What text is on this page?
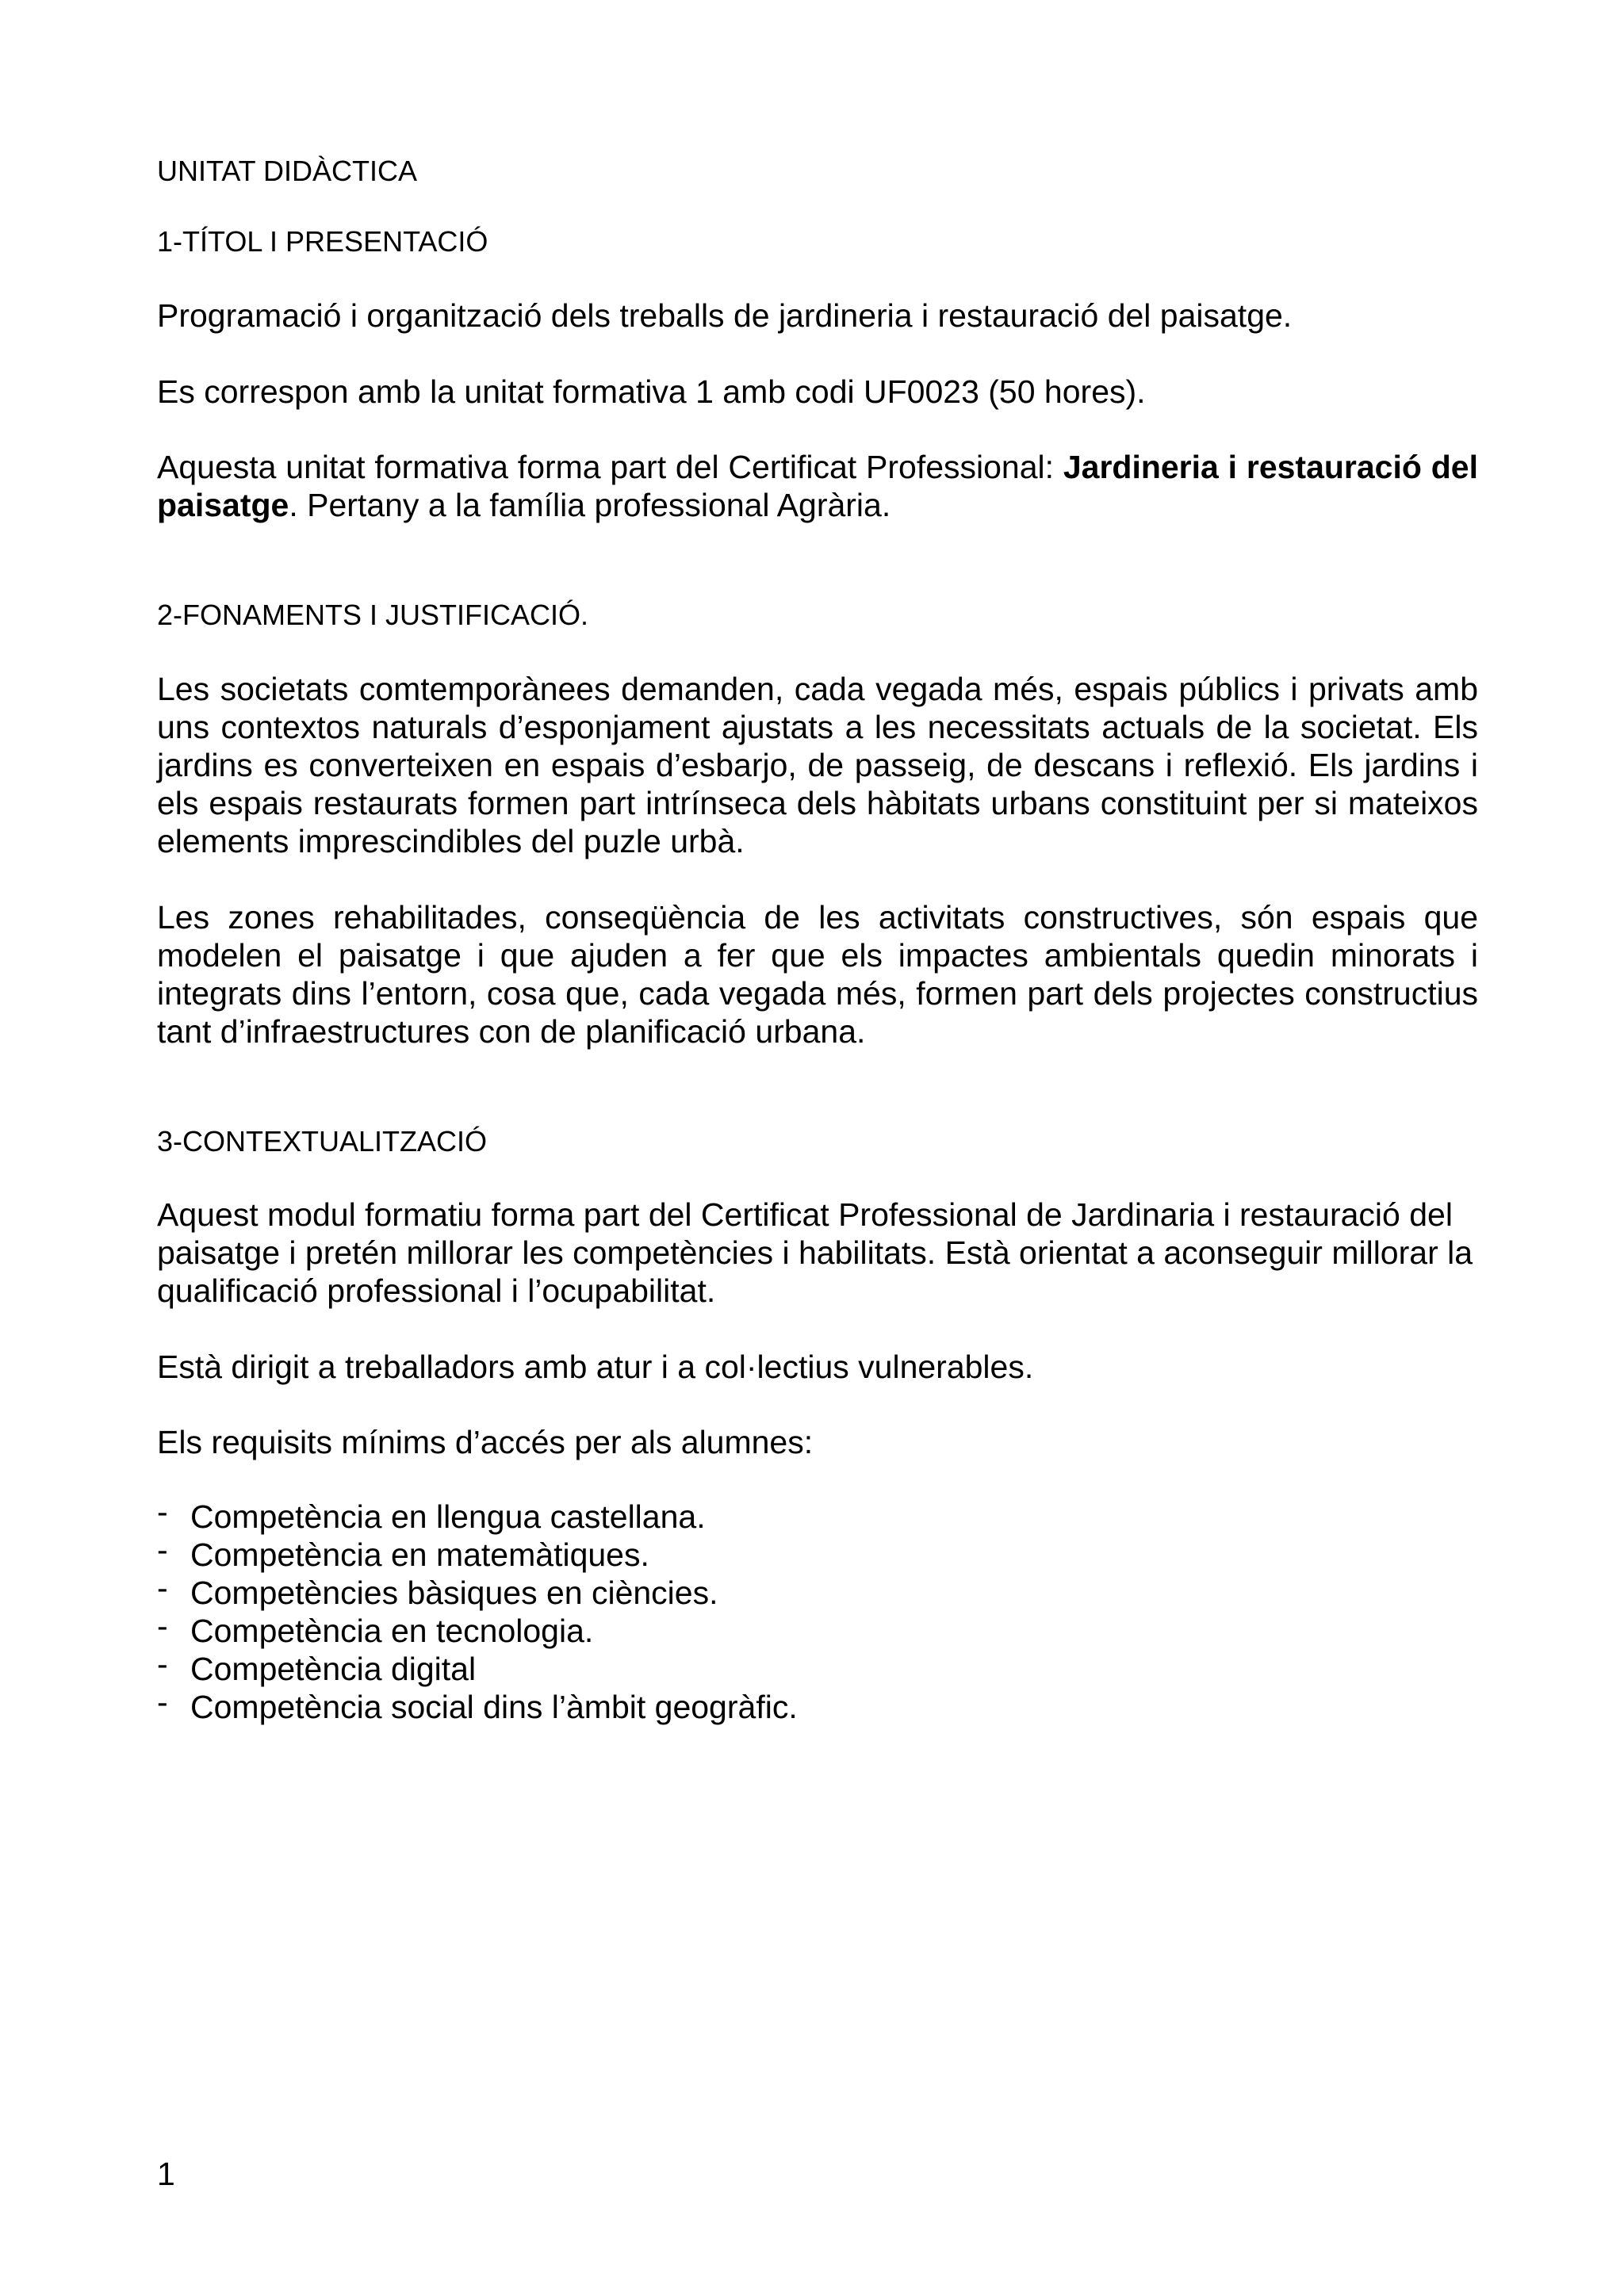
UNITAT DIDÀCTICA
1-TÍTOL I PRESENTACIÓ
Programació i organització dels treballs de jardineria i restauració del paisatge.
Es correspon amb la unitat formativa 1 amb codi UF0023 (50 hores).
Aquesta unitat formativa forma part del Certificat Professional: Jardineria i restauració del paisatge. Pertany a la família professional Agrària.
2-FONAMENTS I JUSTIFICACIÓ.
Les societats comtemporànees demanden, cada vegada més, espais públics i privats amb uns contextos naturals d’esponjament ajustats a les necessitats actuals de la societat. Els jardins es converteixen en espais d’esbarjo, de passeig, de descans i reflexió. Els jardins i els espais restaurats formen part intrínseca dels hàbitats urbans constituint per si mateixos elements imprescindibles del puzle urbà.
Les zones rehabilitades, conseqüència de les activitats constructives, són espais que modelen el paisatge i que ajuden a fer que els impactes ambientals quedin minorats i integrats dins l’entorn, cosa que, cada vegada més, formen part dels projectes constructius tant d’infraestructures con de planificació urbana.
3-CONTEXTUALITZACIÓ
Aquest modul formatiu forma part del Certificat Professional de Jardinaria i restauració del paisatge i pretén millorar les competències i habilitats. Està orientat a aconseguir millorar la qualificació professional i l’ocupabilitat.
Està dirigit a treballadors amb atur i a col·lectius vulnerables.
Els requisits mínims d’accés per als alumnes:
- Competència en llengua castellana.
- Competència en matemàtiques.
- Competències bàsiques en ciències.
- Competència en tecnologia.
- Competència digital
- Competència social dins l’àmbit geogràfic.
1
